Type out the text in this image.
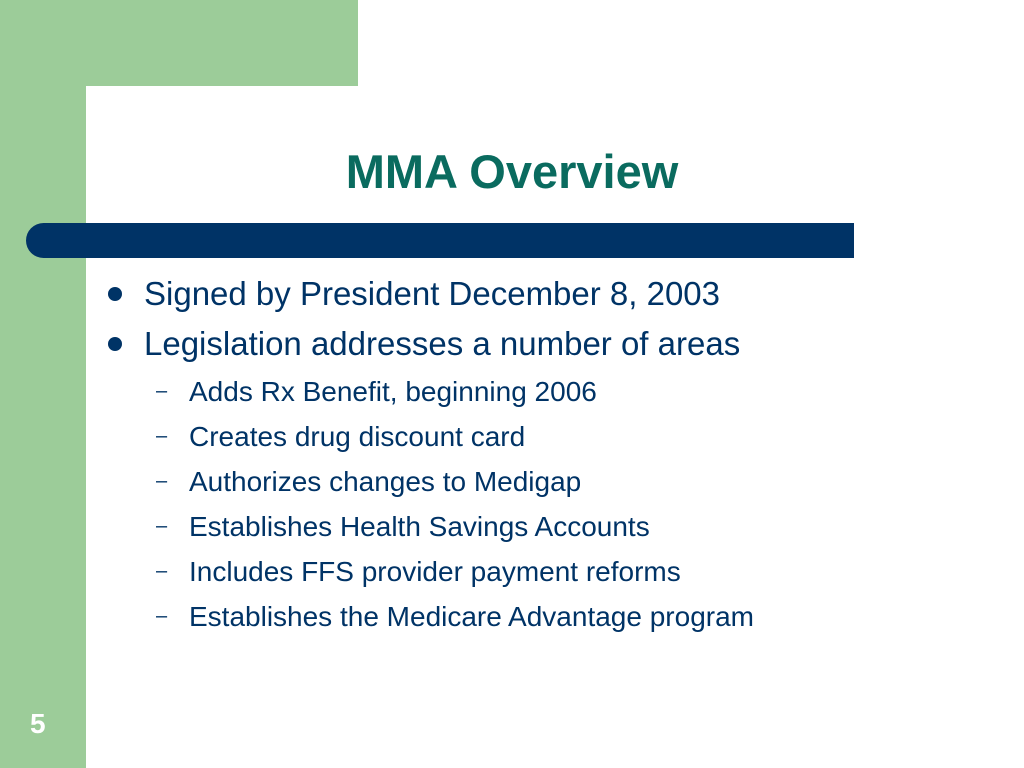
MMA Overview
Signed by President December 8, 2003
Legislation addresses a number of areas
– Adds Rx Benefit, beginning 2006
– Creates drug discount card
– Authorizes changes to Medigap
– Establishes Health Savings Accounts
– Includes FFS provider payment reforms
– Establishes the Medicare Advantage program
5
